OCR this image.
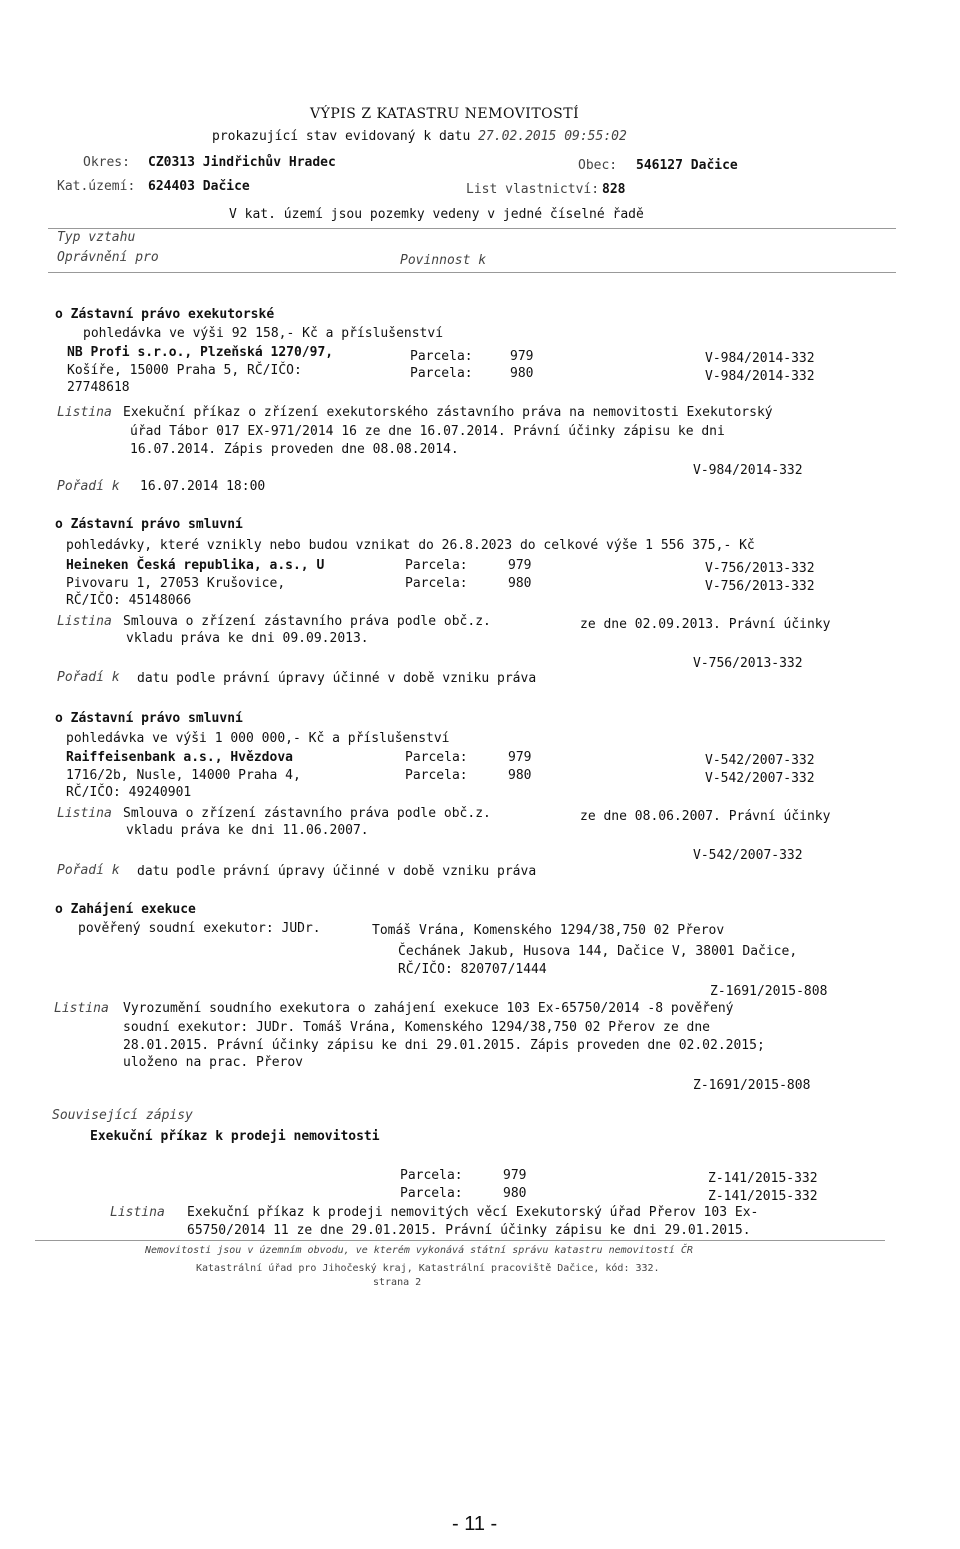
VÝPIS Z KATASTRU NEMOVITOSTÍ
prokazující stav evidovaný k datu 27.02.2015 09:55:02
Okres: CZ0313 Jindřichův Hradec	Obec: 546127 Dačice
Kat.území: 624403 Dačice	List vlastnictví: 828
V kat. území jsou pozemky vedeny v jedné číselné řadě
Typ vztahu
Oprávnění pro	Povinnost k
o Zástavní právo exekutorské
pohledávka ve výši 92 158,- Kč a příslušenství
NB Profi s.r.o., Plzeňská 1270/97,
Košíře, 15000 Praha 5, RČ/IČO:
27748618
Parcela:	979	V-984/2014-332
Parcela:	980	V-984/2014-332
Listina Exekuční příkaz o zřízení exekutorského zástavního práva na nemovitosti Exekutorský
úřad Tábor 017 EX-971/2014 16 ze dne 16.07.2014. Právní účinky zápisu ke dni
16.07.2014. Zápis proveden dne 08.08.2014.
V-984/2014-332
Pořadí k 16.07.2014 18:00
o Zástavní právo smluvní
pohledávky, které vznikly nebo budou vznikat do 26.8.2023 do celkové výše 1 556 375,- Kč
Heineken Česká republika, a.s., U
Pivovaru 1, 27053 Krušovice,
RČ/IČO: 45148066
Parcela:	979	V-756/2013-332
Parcela:	980	V-756/2013-332
Listina Smlouva o zřízení zástavního práva podle obč.z.	ze dne 02.09.2013. Právní účinky
vkladu práva ke dni 09.09.2013.
V-756/2013-332
Pořadí k datu podle právní úpravy účinné v době vzniku práva
o Zástavní právo smluvní
pohledávka ve výši 1 000 000,- Kč a příslušenství
Raiffeisenbank a.s., Hvězdova
1716/2b, Nusle, 14000 Praha 4,
RČ/IČO: 49240901
Parcela:	979	V-542/2007-332
Parcela:	980	V-542/2007-332
Listina Smlouva o zřízení zástavního práva podle obč.z.	ze dne 08.06.2007. Právní účinky
vkladu práva ke dni 11.06.2007.
V-542/2007-332
Pořadí k datu podle právní úpravy účinné v době vzniku práva
o Zahájení exekuce
pověřený soudní exekutor: JUDr.	Tomáš Vrána, Komenského 1294/38,750 02 Přerov
Čechánek Jakub, Husova 144, Dačice V, 38001 Dačice,
RČ/IČO: 820707/1444
Z-1691/2015-808
Listina Vyrozumění soudního exekutora o zahájení exekuce 103 Ex-65750/2014 -8 pověřený
soudní exekutor: JUDr. Tomáš Vrána, Komenského 1294/38,750 02 Přerov ze dne
28.01.2015. Právní účinky zápisu ke dni 29.01.2015. Zápis proveden dne 02.02.2015;
uloženo na prac. Přerov
Z-1691/2015-808
Související zápisy
Exekuční příkaz k prodeji nemovitosti
Parcela:	979	Z-141/2015-332
Parcela:	980	Z-141/2015-332
Listina Exekuční příkaz k prodeji nemovitých věcí Exekutorský úřad Přerov 103 Ex-
65750/2014 11 ze dne 29.01.2015. Právní účinky zápisu ke dni 29.01.2015.
Nemovitosti jsou v územním obvodu, ve kterém vykonává státní správu katastru nemovitostí ČR
Katastrální úřad pro Jihočeský kraj, Katastrální pracoviště Dačice, kód: 332.
strana 2
- 11 -
